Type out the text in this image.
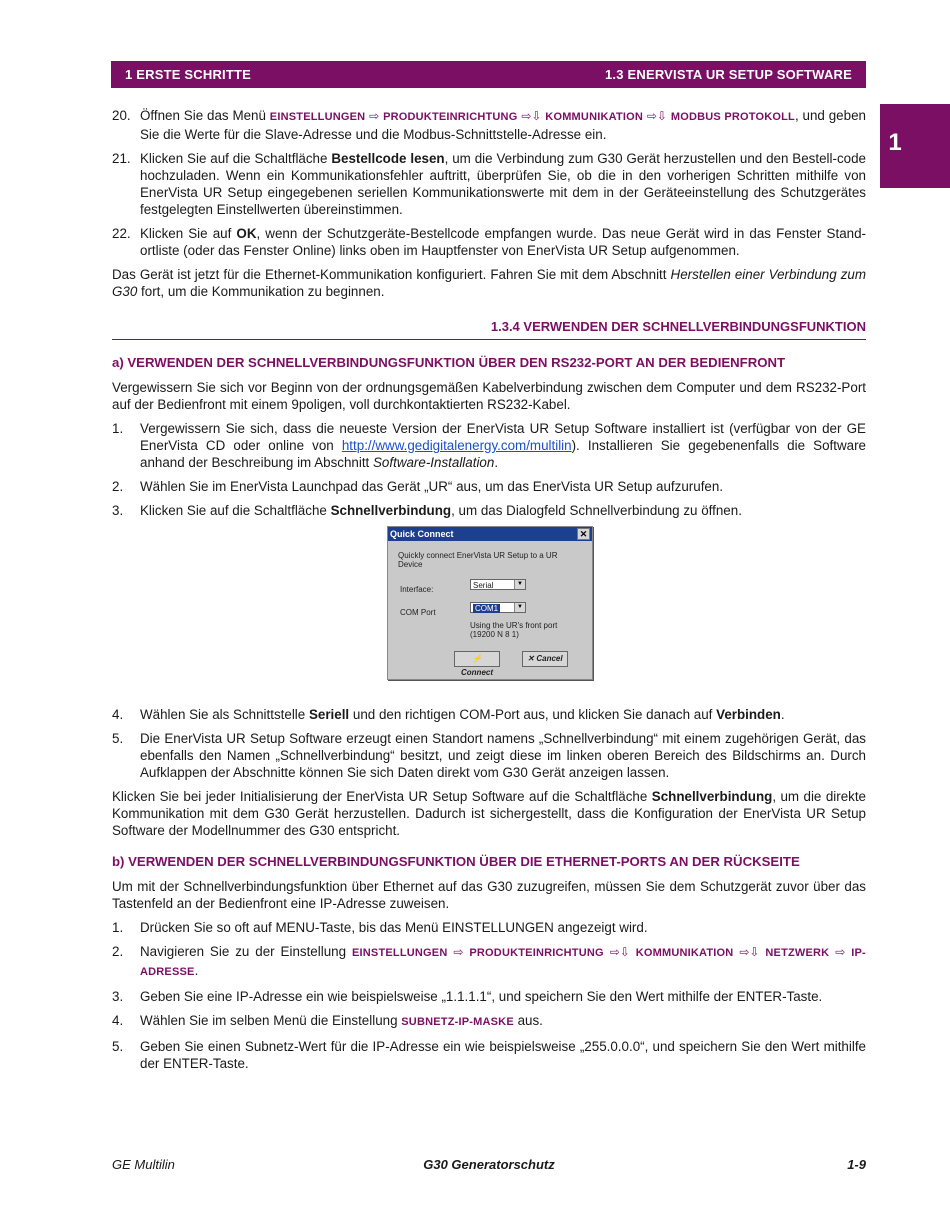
1 ERSTE SCHRITTE	1.3 ENERVISTA UR SETUP SOFTWARE
1
20. Öffnen Sie das Menü EINSTELLUNGEN ⇨ PRODUKTEINRICHTUNG ⇨⇩ KOMMUNIKATION ⇨⇩ MODBUS PROTOKOLL, und geben Sie die Werte für die Slave-Adresse und die Modbus-Schnittstelle-Adresse ein.
21. Klicken Sie auf die Schaltfläche Bestellcode lesen, um die Verbindung zum G30 Gerät herzustellen und den Bestell-code hochzuladen. Wenn ein Kommunikationsfehler auftritt, überprüfen Sie, ob die in den vorherigen Schritten mithilfe von EnerVista UR Setup eingegebenen seriellen Kommunikationswerte mit dem in der Geräteeinstellung des Schutzgerätes festgelegten Einstellwerten übereinstimmen.
22. Klicken Sie auf OK, wenn der Schutzgeräte-Bestellcode empfangen wurde. Das neue Gerät wird in das Fenster Stand-ortliste (oder das Fenster Online) links oben im Hauptfenster von EnerVista UR Setup aufgenommen.
Das Gerät ist jetzt für die Ethernet-Kommunikation konfiguriert. Fahren Sie mit dem Abschnitt Herstellen einer Verbindung zum G30 fort, um die Kommunikation zu beginnen.
1.3.4 VERWENDEN DER SCHNELLVERBINDUNGSFUNKTION
a) VERWENDEN DER SCHNELLVERBINDUNGSFUNKTION ÜBER DEN RS232-PORT AN DER BEDIENFRONT
Vergewissern Sie sich vor Beginn von der ordnungsgemäßen Kabelverbindung zwischen dem Computer und dem RS232-Port auf der Bedienfront mit einem 9poligen, voll durchkontaktierten RS232-Kabel.
1. Vergewissern Sie sich, dass die neueste Version der EnerVista UR Setup Software installiert ist (verfügbar von der GE EnerVista CD oder online von http://www.gedigitalenergy.com/multilin). Installieren Sie gegebenenfalls die Software anhand der Beschreibung im Abschnitt Software-Installation.
2. Wählen Sie im EnerVista Launchpad das Gerät „UR“ aus, um das EnerVista UR Setup aufzurufen.
3. Klicken Sie auf die Schaltfläche Schnellverbindung, um das Dialogfeld Schnellverbindung zu öffnen.
Quick Connect	✕
Quickly connect EnerVista UR Setup to a UR Device
Interface:	Serial	▼
COM Port	COM1	▼
Using the UR's front port (19200 N 8 1)
⚡ Connect
✕ Cancel
4. Wählen Sie als Schnittstelle Seriell und den richtigen COM-Port aus, und klicken Sie danach auf Verbinden.
5. Die EnerVista UR Setup Software erzeugt einen Standort namens „Schnellverbindung“ mit einem zugehörigen Gerät, das ebenfalls den Namen „Schnellverbindung“ besitzt, und zeigt diese im linken oberen Bereich des Bildschirms an. Durch Aufklappen der Abschnitte können Sie sich Daten direkt vom G30 Gerät anzeigen lassen.
Klicken Sie bei jeder Initialisierung der EnerVista UR Setup Software auf die Schaltfläche Schnellverbindung, um die direkte Kommunikation mit dem G30 Gerät herzustellen. Dadurch ist sichergestellt, dass die Konfiguration der EnerVista UR Setup Software der Modellnummer des G30 entspricht.
b) VERWENDEN DER SCHNELLVERBINDUNGSFUNKTION ÜBER DIE ETHERNET-PORTS AN DER RÜCKSEITE
Um mit der Schnellverbindungsfunktion über Ethernet auf das G30 zuzugreifen, müssen Sie dem Schutzgerät zuvor über das Tastenfeld an der Bedienfront eine IP-Adresse zuweisen.
1. Drücken Sie so oft auf MENU-Taste, bis das Menü EINSTELLUNGEN angezeigt wird.
2. Navigieren Sie zu der Einstellung EINSTELLUNGEN ⇨ PRODUKTEINRICHTUNG ⇨⇩ KOMMUNIKATION ⇨⇩ NETZWERK ⇨ IP-ADRESSE.
3. Geben Sie eine IP-Adresse ein wie beispielsweise „1.1.1.1“, und speichern Sie den Wert mithilfe der ENTER-Taste.
4. Wählen Sie im selben Menü die Einstellung SUBNETZ-IP-MASKE aus.
5. Geben Sie einen Subnetz-Wert für die IP-Adresse ein wie beispielsweise „255.0.0.0“, und speichern Sie den Wert mithilfe der ENTER-Taste.
GE Multilin	G30 Generatorschutz	1-9
